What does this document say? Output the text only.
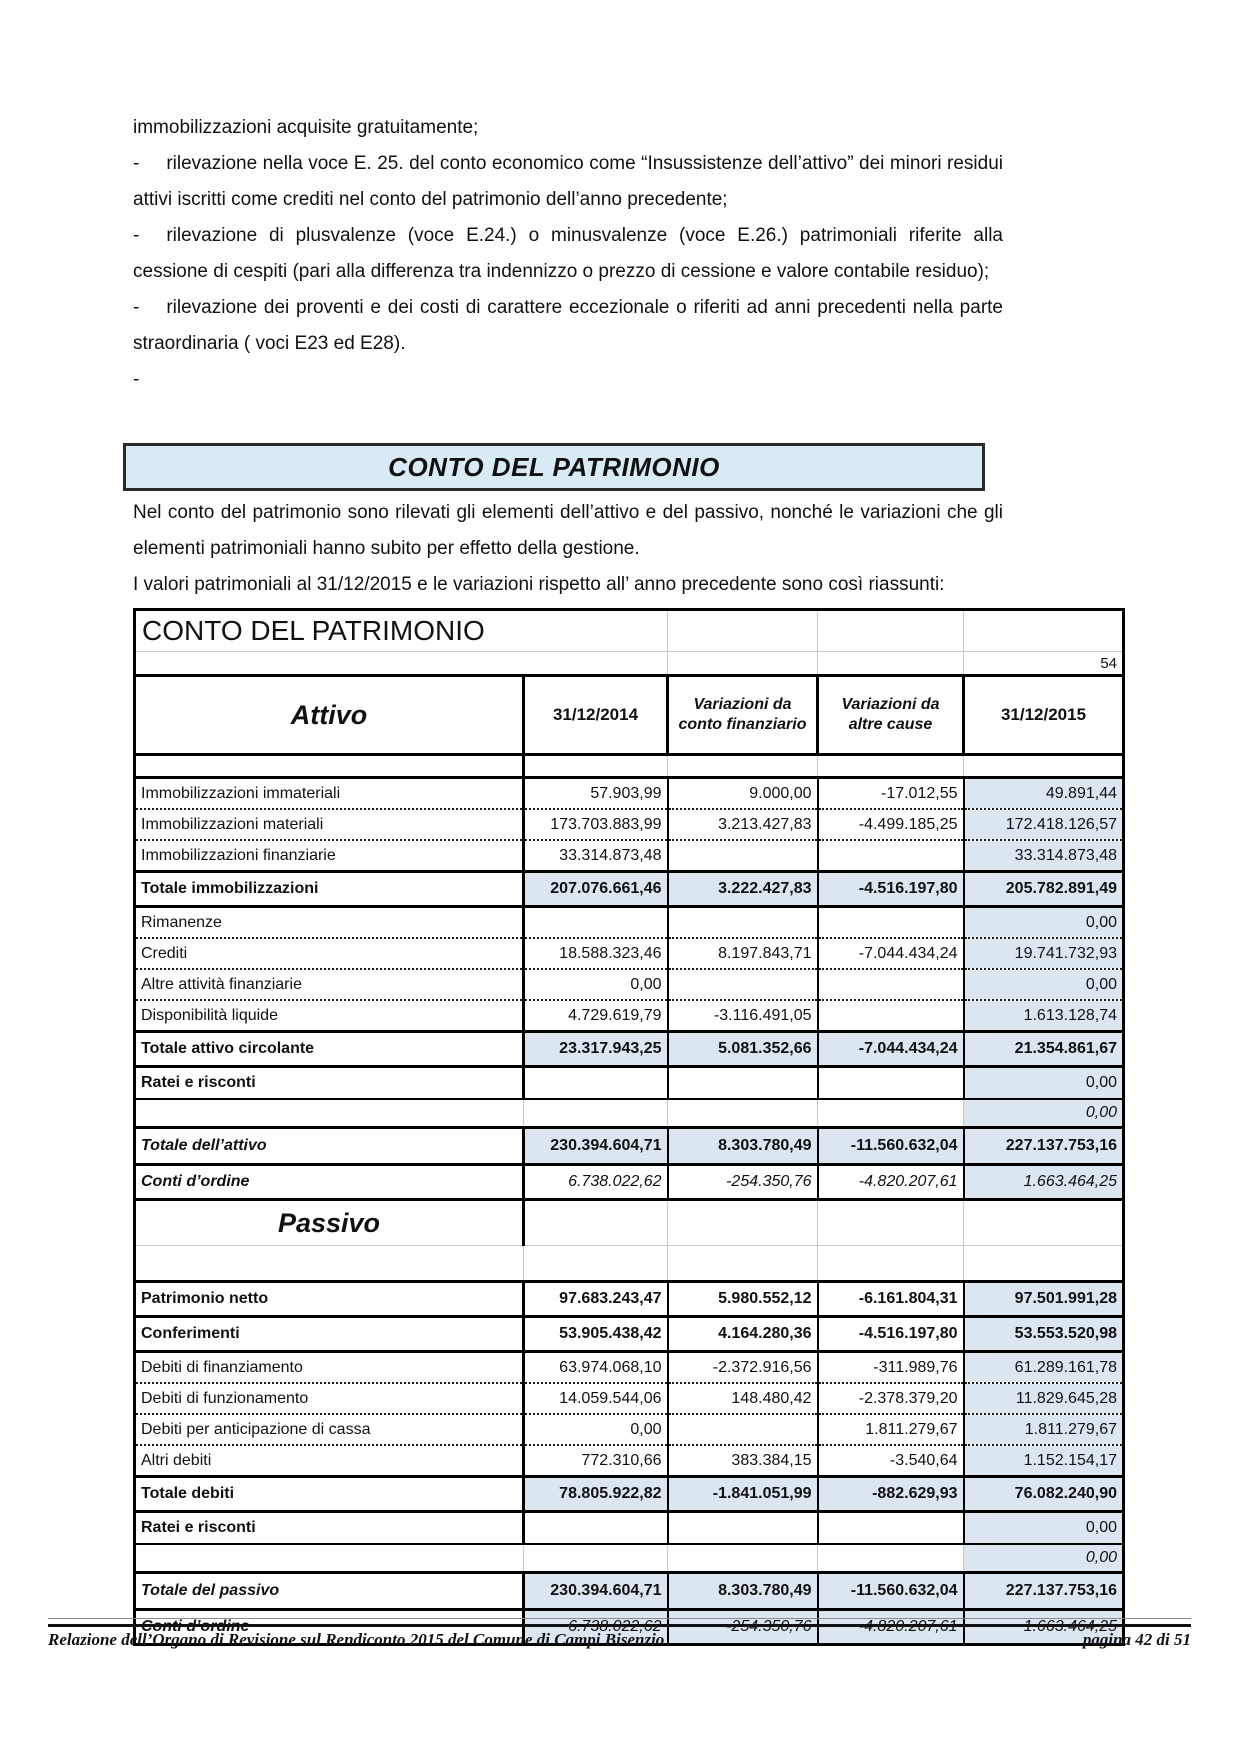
immobilizzazioni acquisite gratuitamente;

- rilevazione nella voce E. 25. del conto economico come “Insussistenze dell’attivo” dei minori residui attivi iscritti come crediti nel conto del patrimonio dell’anno precedente;

- rilevazione di plusvalenze (voce E.24.) o minusvalenze (voce E.26.) patrimoniali riferite alla cessione di cespiti (pari alla differenza tra indennizzo o prezzo di cessione e valore contabile residuo);

- rilevazione dei proventi e dei costi di carattere eccezionale o riferiti ad anni precedenti nella parte straordinaria ( voci E23 ed E28).

-

CONTO DEL PATRIMONIO

Nel conto del patrimonio sono rilevati gli elementi dell’attivo e del passivo, nonché le variazioni che gli elementi patrimoniali hanno subito per effetto della gestione.

I valori patrimoniali al 31/12/2015 e le variazioni rispetto all’ anno precedente sono così riassunti:

CONTO DEL PATRIMONIO				
				54
Attivo	31/12/2014	Variazioni da conto finanziario	Variazioni da altre cause	31/12/2015

Immobilizzazioni immateriali	57.903,99	9.000,00	-17.012,55	49.891,44
Immobilizzazioni materiali	173.703.883,99	3.213.427,83	-4.499.185,25	172.418.126,57
Immobilizzazioni finanziarie	33.314.873,48			33.314.873,48
Totale immobilizzazioni	207.076.661,46	3.222.427,83	-4.516.197,80	205.782.891,49
Rimanenze				0,00
Crediti	18.588.323,46	8.197.843,71	-7.044.434,24	19.741.732,93
Altre attività finanziarie	0,00			0,00
Disponibilità liquide	4.729.619,79	-3.116.491,05		1.613.128,74
Totale attivo circolante	23.317.943,25	5.081.352,66	-7.044.434,24	21.354.861,67
Ratei e risconti				0,00
				0,00
Totale dell’attivo	230.394.604,71	8.303.780,49	-11.560.632,04	227.137.753,16
Conti d’ordine	6.738.022,62	-254.350,76	-4.820.207,61	1.663.464,25
Passivo				

Patrimonio netto	97.683.243,47	5.980.552,12	-6.161.804,31	97.501.991,28
Conferimenti	53.905.438,42	4.164.280,36	-4.516.197,80	53.553.520,98
Debiti di finanziamento	63.974.068,10	-2.372.916,56	-311.989,76	61.289.161,78
Debiti di funzionamento	14.059.544,06	148.480,42	-2.378.379,20	11.829.645,28
Debiti per anticipazione di cassa	0,00		1.811.279,67	1.811.279,67
Altri debiti	772.310,66	383.384,15	-3.540,64	1.152.154,17
Totale debiti	78.805.922,82	-1.841.051,99	-882.629,93	76.082.240,90
Ratei e risconti				0,00
				0,00
Totale del passivo	230.394.604,71	8.303.780,49	-11.560.632,04	227.137.753,16
Conti d’ordine	6.738.022,62	-254.350,76	-4.820.207,61	1.663.464,25
Relazione dell’Organo di Revisione sul Rendiconto 2015 del Comune di Campi Bisenzio	pagina 42 di 51
